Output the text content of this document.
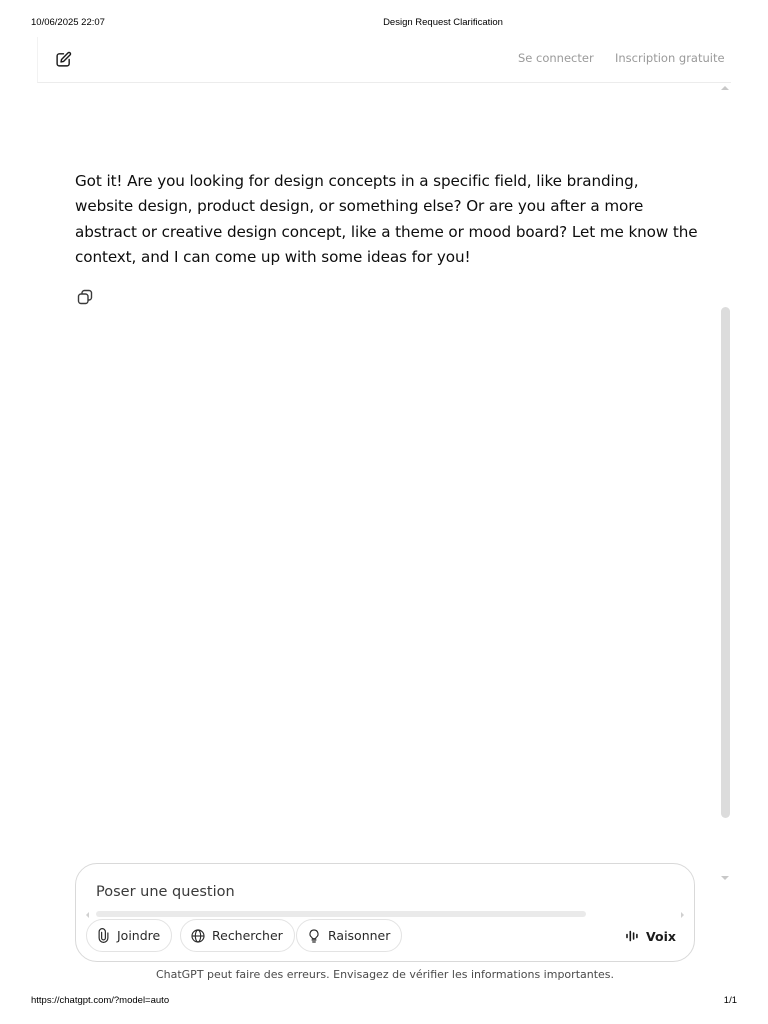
10/06/2025 22:07	Design Request Clarification
Se connecter Inscription gratuite
Got it! Are you looking for design concepts in a specific field, like branding, website design, product design, or something else? Or are you after a more abstract or creative design concept, like a theme or mood board? Let me know the context, and I can come up with some ideas for you!
Poser une question
Joindre	Rechercher	Raisonner	Voix
ChatGPT peut faire des erreurs. Envisagez de vérifier les informations importantes.
https://chatgpt.com/?model=auto	1/1
